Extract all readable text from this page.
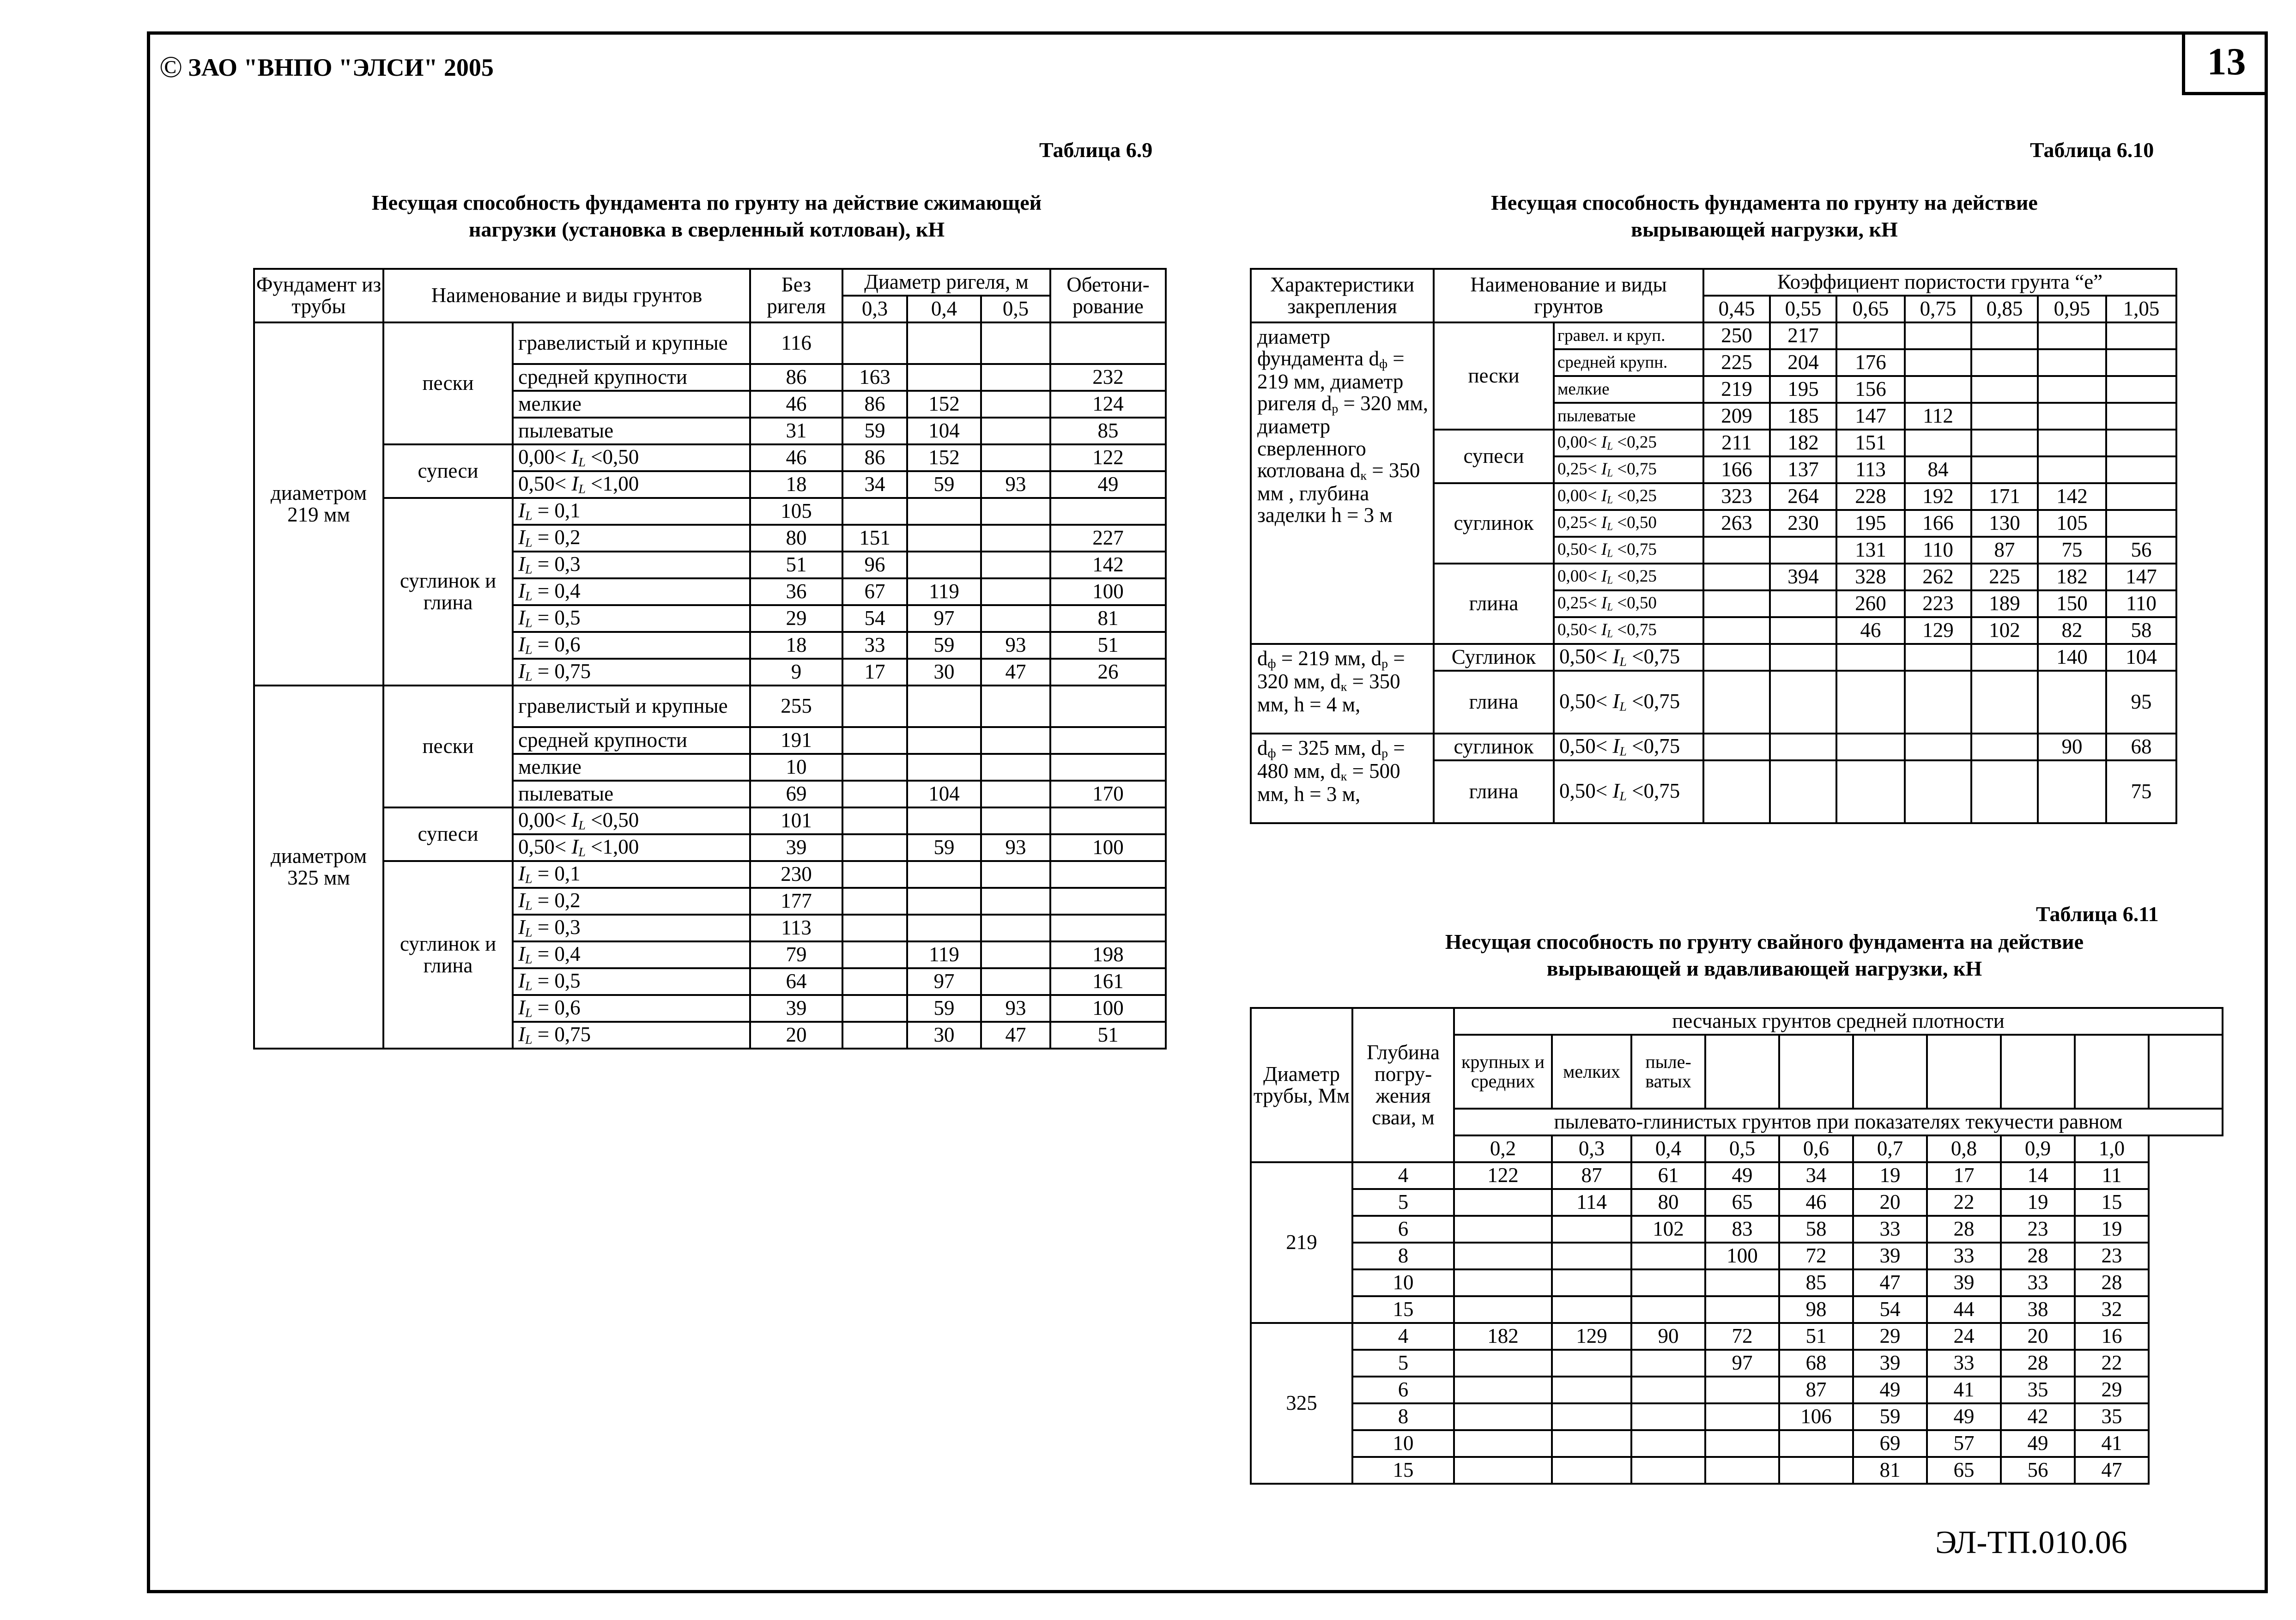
13
© ЗАО "ВНПО "ЭЛСИ" 2005
Таблица 6.9
Несущая способность фундамента по грунту на действие сжимающей
нагрузки (установка в сверленный котлован), кН
Фундамент из трубы	Наименование и виды грунтов		Без ригеля	Диаметр ригеля, м			Обетони-рование
				0,3	0,4	0,5	
диаметром 219 мм	пески	гравелистый и крупные	116				
		средней крупности	86	163			232
		мелкие	46	86	152		124
		пылеватые	31	59	104		85
	супеси	$0,00< I_L <0,50$	46	86	152		122
		$0,50< I_L <1,00$	18	34	59	93	49
	суглинок и глина	$I_L = 0,1$	105				
		$I_L = 0,2$	80	151			227
		$I_L = 0,3$	51	96			142
		$I_L = 0,4$	36	67	119		100
		$I_L = 0,5$	29	54	97		81
		$I_L = 0,6$	18	33	59	93	51
		$I_L = 0,75$	9	17	30	47	26
диаметром 325 мм	пески	гравелистый и крупные	255				
		средней крупности	191				
		мелкие	10				
		пылеватые	69		104		170
	супеси	$0,00< I_L <0,50$	101				
		$0,50< I_L <1,00$	39		59	93	100
	суглинок и глина	$I_L = 0,1$	230				
		$I_L = 0,2$	177				
		$I_L = 0,3$	113				
		$I_L = 0,4$	79		119		198
		$I_L = 0,5$	64		97		161
		$I_L = 0,6$	39		59	93	100
		$I_L = 0,75$	20		30	47	51
Таблица 6.10
Несущая способность фундамента по грунту на действие
вырывающей нагрузки, кН
Характеристики закрепления	Наименование и виды грунтов		Коэффициент пористости грунта “е”						
			0,45	0,55	0,65	0,75	0,85	0,95	1,05
диаметр фундамента $d_ф = 219$ мм, диаметр ригеля $d_р = 320$ мм, диаметр сверленного котлована $d_к = 350$ мм , глубина заделки h = 3 м	пески	гравел. и круп.	250	217					
		средней крупн.	225	204	176				
		мелкие	219	195	156				
		пылеватые	209	185	147	112			
	супеси	$0,00< I_L <0,25$	211	182	151				
		$0,25< I_L <0,75$	166	137	113	84			
	суглинок	$0,00< I_L <0,25$	323	264	228	192	171	142	
		$0,25< I_L <0,50$	263	230	195	166	130	105	
		$0,50< I_L <0,75$			131	110	87	75	56
	глина	$0,00< I_L <0,25$		394	328	262	225	182	147
		$0,25< I_L <0,50$			260	223	189	150	110
		$0,50< I_L <0,75$			46	129	102	82	58
$d_ф = 219$ мм, $d_р = 320$ мм, $d_к = 350$ мм, h = 4 м,	Суглинок	$0,50< I_L <0,75$						140	104
	глина	$0,50< I_L <0,75$							95
$d_ф = 325$ мм, $d_р = 480$ мм, $d_к = 500$ мм, h = 3 м,	суглинок	$0,50< I_L <0,75$						90	68
	глина	$0,50< I_L <0,75$							75
Таблица 6.11
Несущая способность по грунту свайного фундамента на действие
вырывающей и вдавливающей нагрузки, кН
Диаметр трубы, Мм	Глубина погру-жения сваи, м	песчаных грунтов средней плотности									
		крупных и средних	мелких	пыле-ватых							
		пылевато-глинистых грунтов при показателях текучести равном									
		0,2	0,3	0,4	0,5	0,6	0,7	0,8	0,9	1,0	
219	4	122	87	61	49	34	19	17	14	11	
	5		114	80	65	46	20	22	19	15	
	6			102	83	58	33	28	23	19	
	8				100	72	39	33	28	23	
	10					85	47	39	33	28	
	15					98	54	44	38	32	
325	4	182	129	90	72	51	29	24	20	16	
	5				97	68	39	33	28	22	
	6					87	49	41	35	29	
	8					106	59	49	42	35	
	10						69	57	49	41	
	15						81	65	56	47	
ЭЛ-ТП.010.06
